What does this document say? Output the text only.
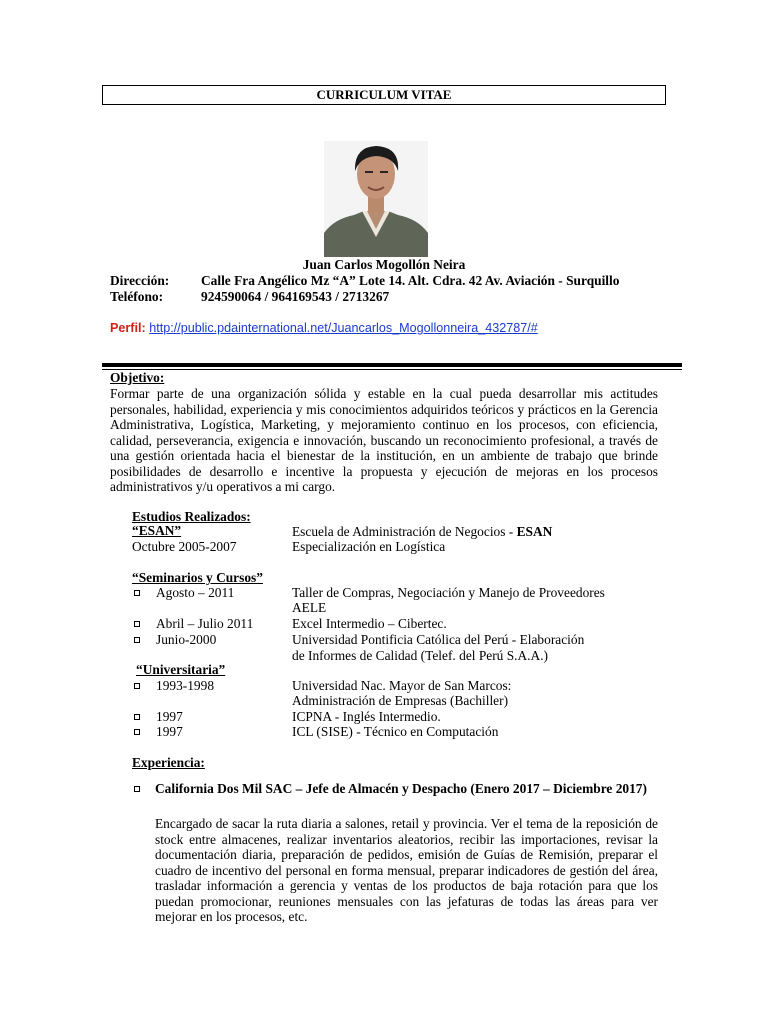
CURRICULUM VITAE
Juan Carlos Mogollón Neira
Dirección: Calle Fra Angélico Mz “A” Lote 14. Alt. Cdra. 42 Av. Aviación - Surquillo
Teléfono:	924590064 / 964169543 / 2713267
Perfil: http://public.pdainternational.net/Juancarlos_Mogollonneira_432787/#
Objetivo:

Formar parte de una organización sólida y estable en la cual pueda desarrollar mis actitudes personales, habilidad, experiencia y mis conocimientos adquiridos teóricos y prácticos en la Gerencia Administrativa, Logística, Marketing, y mejoramiento continuo en los procesos, con eficiencia, calidad, perseverancia, exigencia e innovación, buscando un reconocimiento profesional, a través de una gestión orientada hacia el bienestar de la institución, en un ambiente de trabajo que brinde posibilidades de desarrollo e incentive la propuesta y ejecución de mejoras en los procesos administrativos y/u operativos a mi cargo.

Estudios Realizados:
“ESAN”	Escuela de Administración de Negocios - ESAN
Octubre 2005-2007	Especialización en Logística
“Seminarios y Cursos”
Agosto – 2011	Taller de Compras, Negociación y Manejo de Proveedores
AELE
Abril – Julio 2011	Excel Intermedio – Cibertec.
Junio-2000	Universidad Pontificia Católica del Perú - Elaboración
de Informes de Calidad (Telef. del Perú S.A.A.)
“Universitaria”
1993-1998	Universidad Nac. Mayor de San Marcos:
Administración de Empresas (Bachiller)
1997	ICPNA - Inglés Intermedio.
1997	ICL (SISE) - Técnico en Computación
Experiencia:
California Dos Mil SAC – Jefe de Almacén y Despacho (Enero 2017 – Diciembre 2017)

Encargado de sacar la ruta diaria a salones, retail y provincia. Ver el tema de la reposición de stock entre almacenes, realizar inventarios aleatorios, recibir las importaciones, revisar la documentación diaria, preparación de pedidos, emisión de Guías de Remisión, preparar el cuadro de incentivo del personal en forma mensual, preparar indicadores de gestión del área, trasladar información a gerencia y ventas de los productos de baja rotación para que los puedan promocionar, reuniones mensuales con las jefaturas de todas las áreas para ver mejorar en los procesos, etc.
